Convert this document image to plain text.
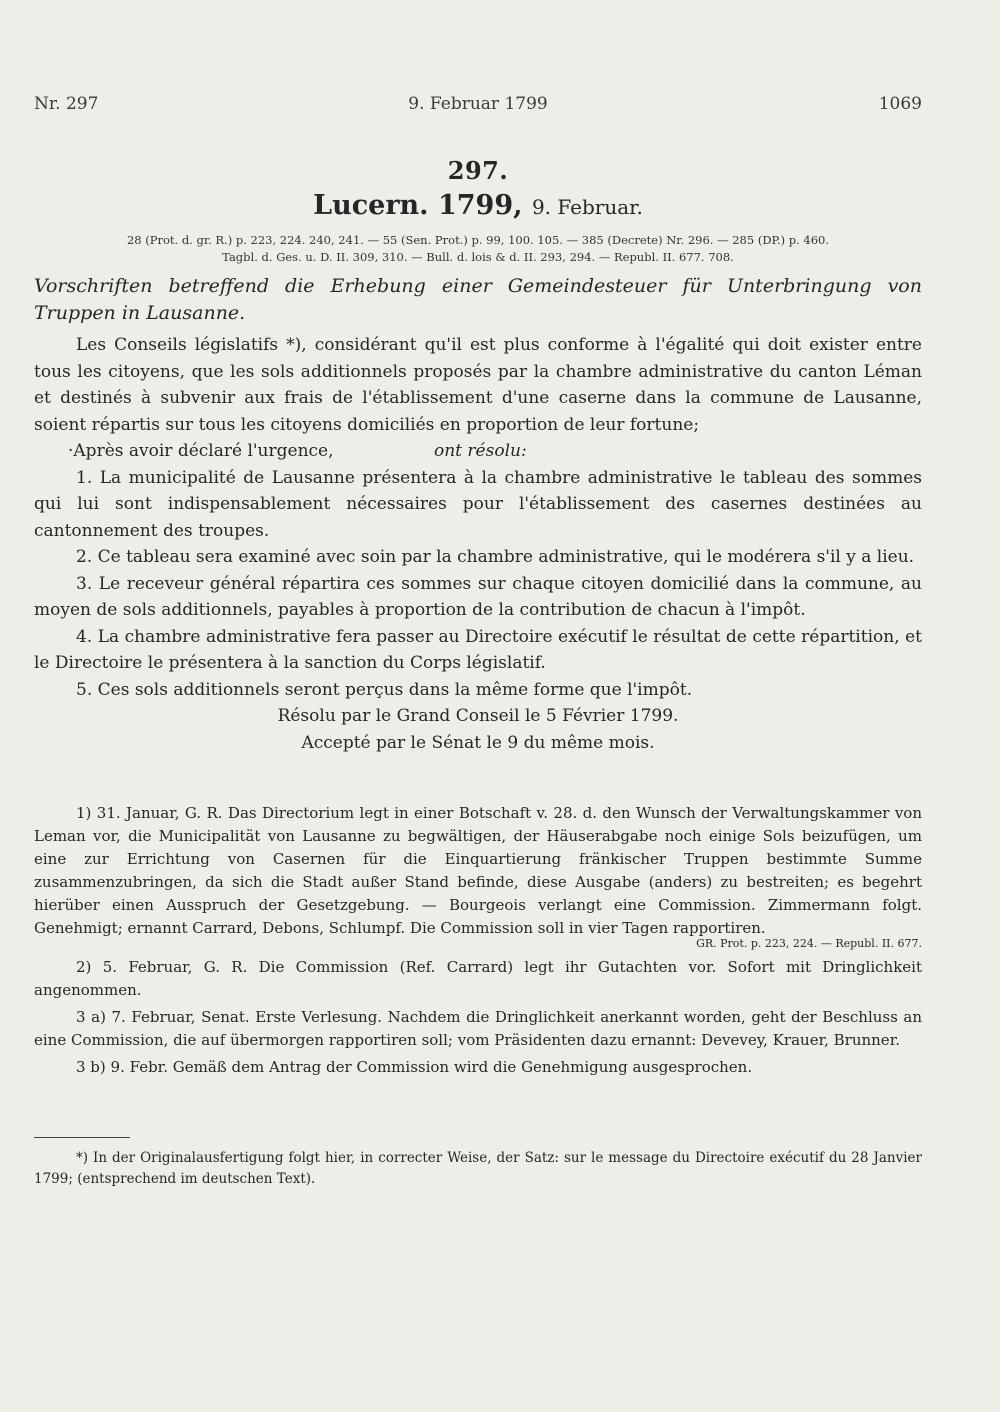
Nr. 297	9. Februar 1799	1069
297.
Lucern. 1799, 9. Februar.
28 (Prot. d. gr. R.) p. 223, 224. 240, 241. — 55 (Sen. Prot.) p. 99, 100. 105. — 385 (Decrete) Nr. 296. — 285 (DP.) p. 460.
Tagbl. d. Ges. u. D. II. 309, 310. — Bull. d. lois & d. II. 293, 294. — Republ. II. 677. 708.
Vorschriften betreffend die Erhebung einer Gemeindesteuer für Unterbringung von Truppen in Lausanne.

Les Conseils législatifs *), considérant qu'il est plus conforme à l'égalité qui doit exister entre tous les citoyens, que les sols additionnels proposés par la chambre administrative du canton Léman et destinés à subvenir aux frais de l'établissement d'une caserne dans la commune de Lausanne, soient répartis sur tous les citoyens domiciliés en proportion de leur fortune;

·Après avoir déclaré l'urgence,	ont résolu:

1. La municipalité de Lausanne présentera à la chambre administrative le tableau des sommes qui lui sont indispensablement nécessaires pour l'établissement des casernes destinées au cantonnement des troupes.

2. Ce tableau sera examiné avec soin par la chambre administrative, qui le modérera s'il y a lieu.

3. Le receveur général répartira ces sommes sur chaque citoyen domicilié dans la commune, au moyen de sols additionnels, payables à proportion de la contribution de chacun à l'impôt.

4. La chambre administrative fera passer au Directoire exécutif le résultat de cette répartition, et le Directoire le présentera à la sanction du Corps législatif.

5. Ces sols additionnels seront perçus dans la même forme que l'impôt.

Résolu par le Grand Conseil le 5 Février 1799.

Accepté par le Sénat le 9 du même mois.

1) 31. Januar, G. R. Das Directorium legt in einer Botschaft v. 28. d. den Wunsch der Verwaltungskammer von Leman vor, die Municipalität von Lausanne zu begwältigen, der Häuserabgabe noch einige Sols beizufügen, um eine zur Errichtung von Casernen für die Einquartierung fränkischer Truppen bestimmte Summe zusammenzubringen, da sich die Stadt außer Stand befinde, diese Ausgabe (anders) zu bestreiten; es begehrt hierüber einen Ausspruch der Gesetzgebung. — Bourgeois verlangt eine Commission. Zimmermann folgt. Genehmigt; ernannt Carrard, Debons, Schlumpf. Die Commission soll in vier Tagen rapportiren.
GR. Prot. p. 223, 224. — Republ. II. 677.

2) 5. Februar, G. R. Die Commission (Ref. Carrard) legt ihr Gutachten vor. Sofort mit Dringlichkeit angenommen.

3 a) 7. Februar, Senat. Erste Verlesung. Nachdem die Dringlichkeit anerkannt worden, geht der Beschluss an eine Commission, die auf übermorgen rapportiren soll; vom Präsidenten dazu ernannt: Devevey, Krauer, Brunner.

3 b) 9. Febr. Gemäß dem Antrag der Commission wird die Genehmigung ausgesprochen.

*) In der Originalausfertigung folgt hier, in correcter Weise, der Satz: sur le message du Directoire exécutif du 28 Janvier 1799; (entsprechend im deutschen Text).
